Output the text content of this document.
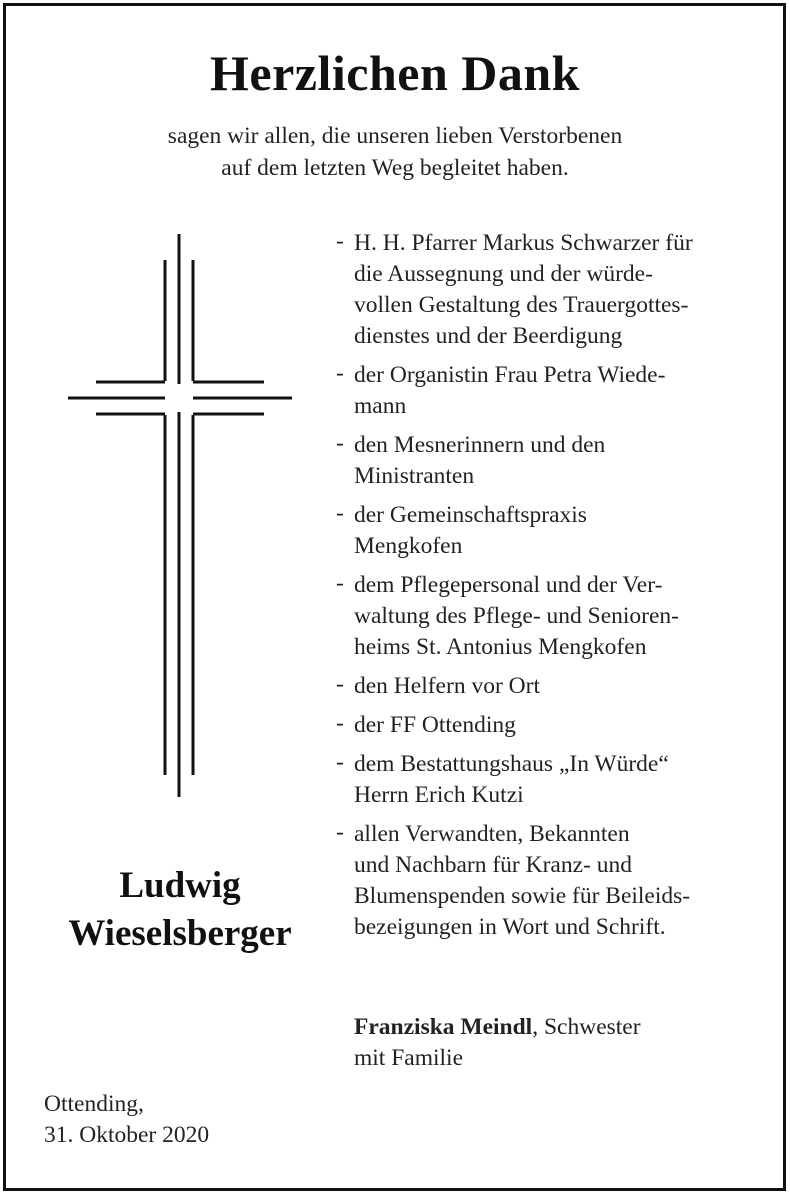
Herzlichen Dank
sagen wir allen, die unseren lieben Verstorbenen
auf dem letzten Weg begleitet haben.
- H. H. Pfarrer Markus Schwarzer für
die Aussegnung und der würde-
vollen Gestaltung des Trauergottes-
dienstes und der Beerdigung
- der Organistin Frau Petra Wiede-
mann
- den Mesnerinnern und den
Ministranten
- der Gemeinschaftspraxis
Mengkofen
- dem Pflegepersonal und der Ver-
waltung des Pflege- und Senioren-
heims St. Antonius Mengkofen
- den Helfern vor Ort
- der FF Ottending
- dem Bestattungshaus „In Würde“
Herrn Erich Kutzi
- allen Verwandten, Bekannten
und Nachbarn für Kranz- und
Blumenspenden sowie für Beileids-
bezeigungen in Wort und Schrift.
Ludwig
Wieselsberger
Franziska Meindl, Schwester
mit Familie
Ottending,
31. Oktober 2020
